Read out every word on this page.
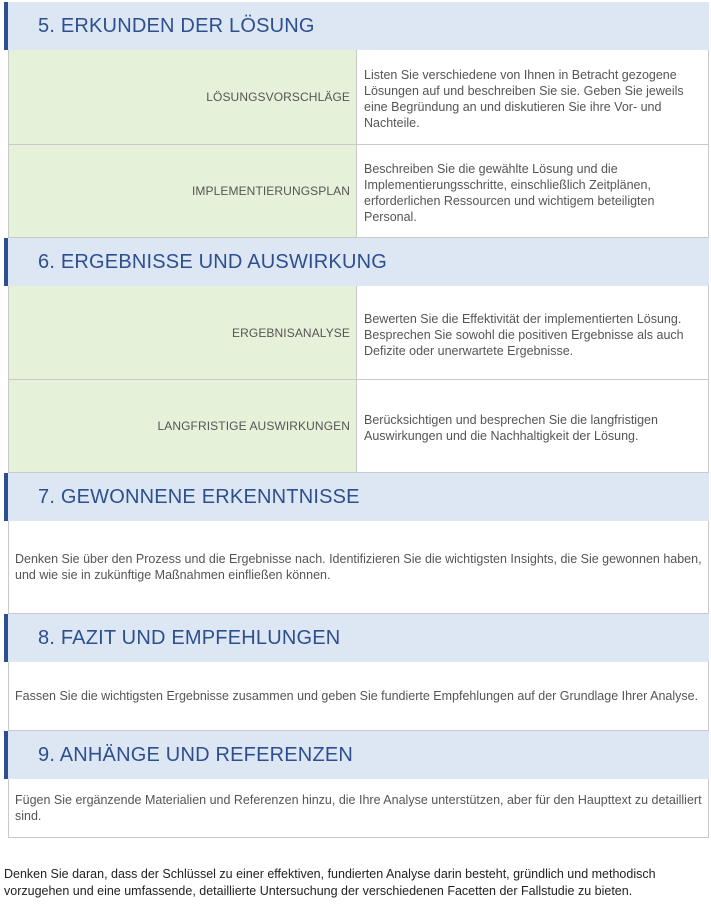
5. ERKUNDEN DER LÖSUNG
LÖSUNGSVORSCHLÄGE
Listen Sie verschiedene von Ihnen in Betracht gezogene Lösungen auf und beschreiben Sie sie. Geben Sie jeweils eine Begründung an und diskutieren Sie ihre Vor- und Nachteile.
IMPLEMENTIERUNGSPLAN
Beschreiben Sie die gewählte Lösung und die Implementierungsschritte, einschließlich Zeitplänen, erforderlichen Ressourcen und wichtigem beteiligten Personal.
6. ERGEBNISSE UND AUSWIRKUNG
ERGEBNISANALYSE
Bewerten Sie die Effektivität der implementierten Lösung. Besprechen Sie sowohl die positiven Ergebnisse als auch Defizite oder unerwartete Ergebnisse.
LANGFRISTIGE AUSWIRKUNGEN	Berücksichtigen und besprechen Sie die langfristigen Auswirkungen und die Nachhaltigkeit der Lösung.
7. GEWONNENE ERKENNTNISSE
Denken Sie über den Prozess und die Ergebnisse nach. Identifizieren Sie die wichtigsten Insights, die Sie gewonnen haben, und wie sie in zukünftige Maßnahmen einfließen können.
8. FAZIT UND EMPFEHLUNGEN
Fassen Sie die wichtigsten Ergebnisse zusammen und geben Sie fundierte Empfehlungen auf der Grundlage Ihrer Analyse.
9. ANHÄNGE UND REFERENZEN
Fügen Sie ergänzende Materialien und Referenzen hinzu, die Ihre Analyse unterstützen, aber für den Haupttext zu detailliert sind.
Denken Sie daran, dass der Schlüssel zu einer effektiven, fundierten Analyse darin besteht, gründlich und methodisch vorzugehen und eine umfassende, detaillierte Untersuchung der verschiedenen Facetten der Fallstudie zu bieten.
